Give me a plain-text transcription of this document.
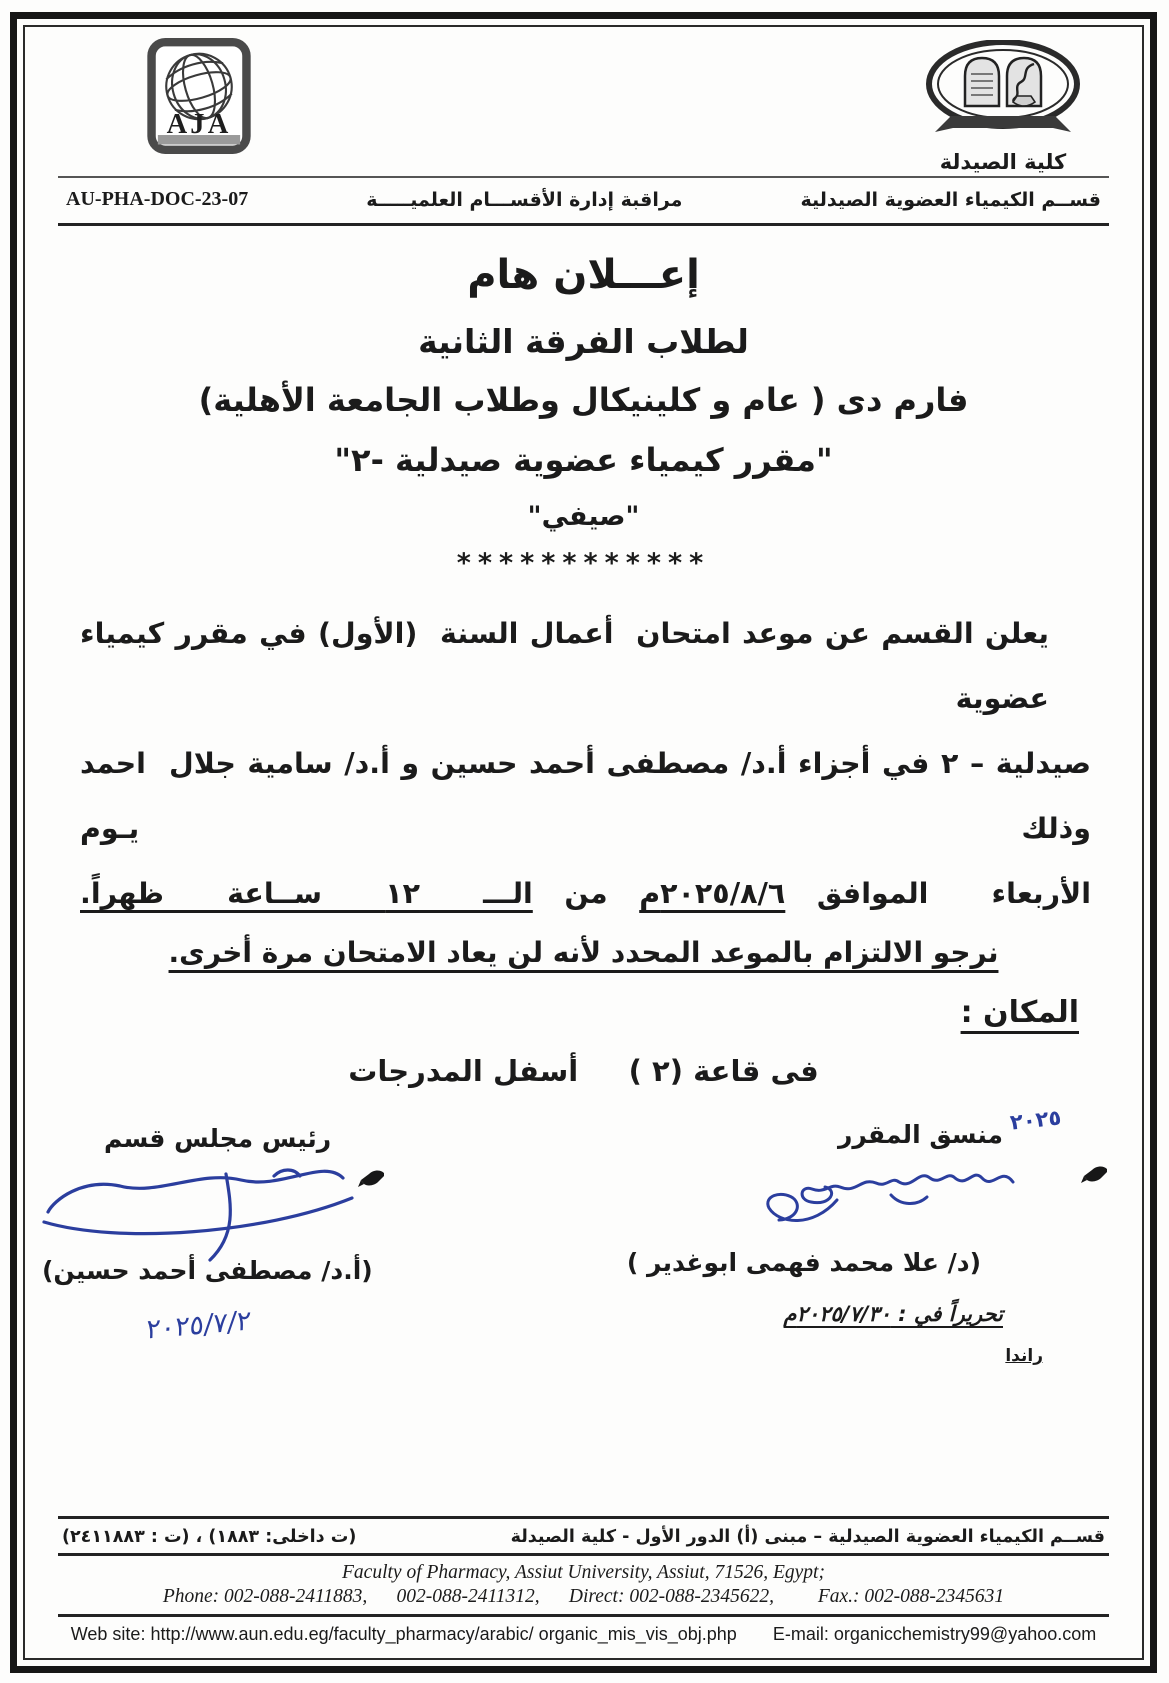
AJA
كلية الصيدلة
قســم الكيمياء العضوية الصيدلية
مراقبة إدارة الأقســـام العلميـــــة
AU-PHA-DOC-23-07
إعـــلان هام
لطلاب الفرقة الثانية
فارم دى ( عام و كلينيكال وطلاب الجامعة الأهلية)
"مقرر كيمياء عضوية صيدلية -٢"
"صيفي"
************
يعلن القسم عن موعد امتحان  أعمال السنة  (الأول) في مقرر كيمياء عضوية
صيدلية – ٢ في أجزاء أ.د/ مصطفى أحمد حسين و أ.د/ سامية جلال  احمد وذلك يـوم
الأربعاء  الموافق ٢٠٢٥/٨/٦م من الـــ  ١٢  ســاعة  ظهراً.
نرجو الالتزام بالموعد المحدد لأنه لن يعاد الامتحان مرة أخرى.
المكان :
فى قاعة (٢ )     أسفل المدرجات
منسق المقرر ٢٠٢٥
(د/ علا محمد فهمى ابوغدير )
تحريراً في : ٢٠٢٥/٧/٣٠م
راندا
رئيس مجلس قسم
(أ.د/ مصطفى أحمد حسين)
٢٠٢٥/٧/٢
قســم الكيمياء العضوية الصيدلية – مبنى (أ) الدور الأول - كلية الصيدلة
(ت داخلى: ١٨٨٣) ، (ت : ٢٤١١٨٨٣)
Faculty of Pharmacy, Assiut University, Assiut, 71526, Egypt;
Phone: 002-088-2411883,      002-088-2411312,      Direct: 002-088-2345622,         Fax.: 002-088-2345631
Web site: http://www.aun.edu.eg/faculty_pharmacy/arabic/ organic_mis_vis_obj.php E-mail: organicchemistry99@yahoo.com
